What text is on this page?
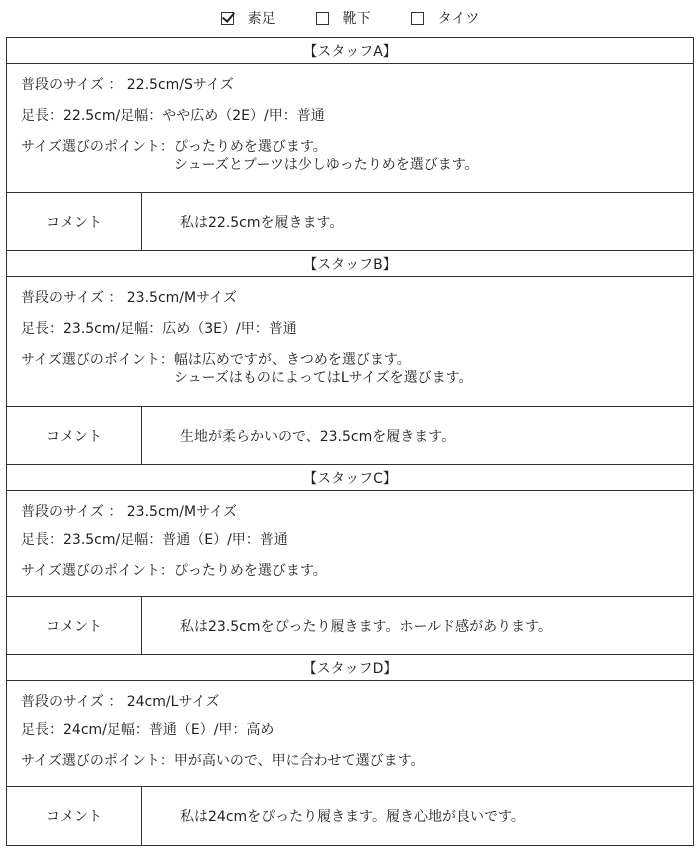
素足	靴下	タイツ
【スタッフA】
普段のサイズ ： 22.5cm/Sサイズ
足長：22.5cm/足幅：やや広め（2E）/甲：普通
サイズ選びのポイント： ぴったりめを選びます。
シューズとブーツは少しゆったりめを選びます。
コメント	私は22.5cmを履きます。
【スタッフB】
普段のサイズ ： 23.5cm/Mサイズ
足長：23.5cm/足幅：広め（3E）/甲：普通
サイズ選びのポイント： 幅は広めですが、きつめを選びます。
シューズはものによってはLサイズを選びます。
コメント	生地が柔らかいので、23.5cmを履きます。
【スタッフC】
普段のサイズ ： 23.5cm/Mサイズ
足長：23.5cm/足幅：普通（E）/甲：普通
サイズ選びのポイント： ぴったりめを選びます。
コメント	私は23.5cmをぴったり履きます。ホールド感があります。
【スタッフD】
普段のサイズ ： 24cm/Lサイズ
足長：24cm/足幅：普通（E）/甲：高め
サイズ選びのポイント： 甲が高いので、甲に合わせて選びます。
コメント	私は24cmをぴったり履きます。履き心地が良いです。
